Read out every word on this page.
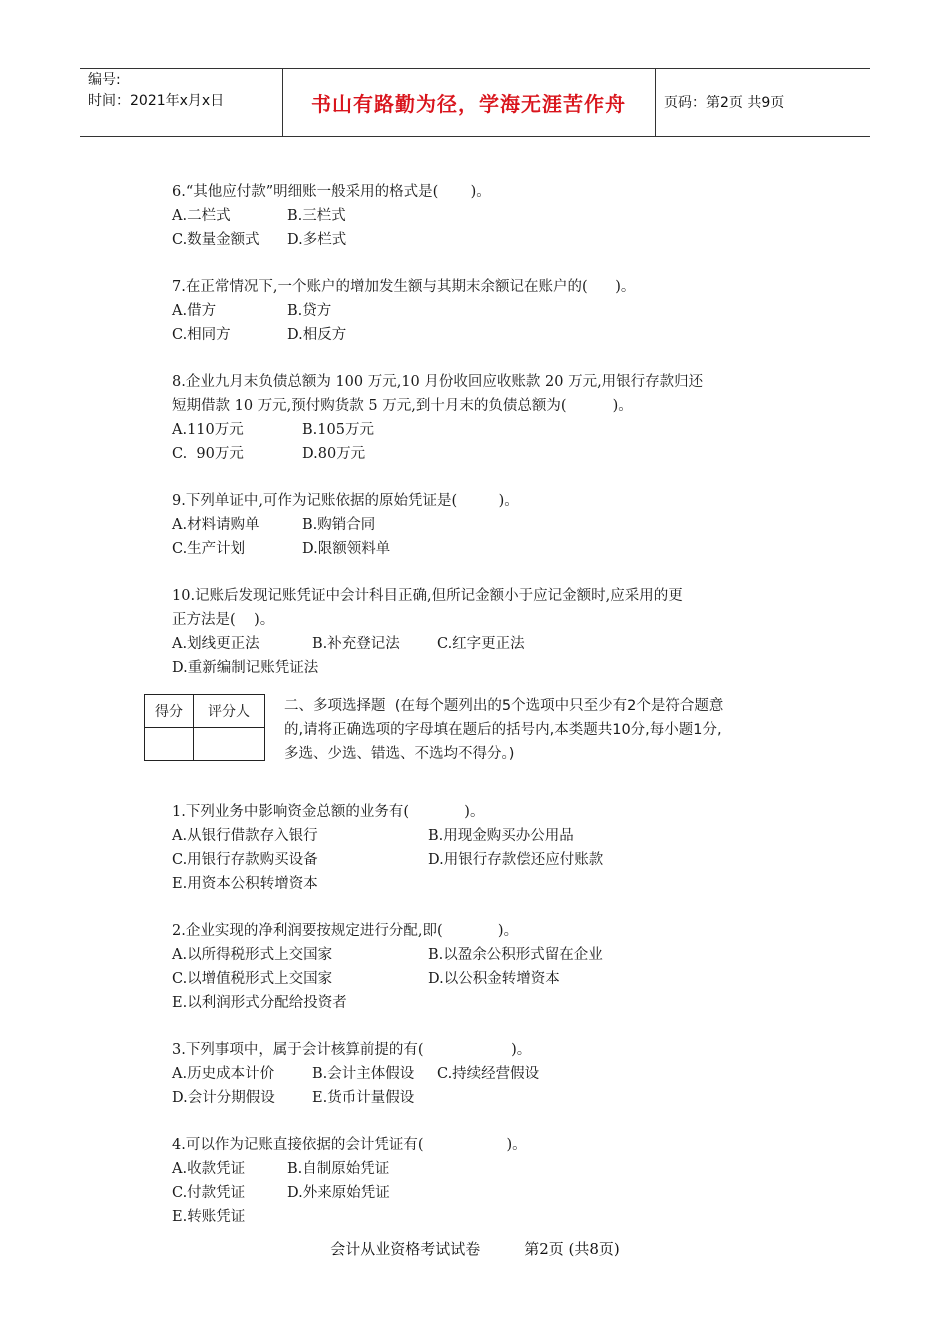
编号:
时间：2021年x月x日	书山有路勤为径，学海无涯苦作舟	页码：第2页 共9页
6.“其他应付款”明细账一般采用的格式是(       )。
A.二栏式	B.三栏式
C.数量金额式	D.多栏式
7.在正常情况下,一个账户的增加发生额与其期末余额记在账户的(      )。
A.借方	B.贷方
C.相同方	D.相反方
8.企业九月末负债总额为 100 万元,10 月份收回应收账款 20 万元,用银行存款归还
短期借款 10 万元,预付购货款 5 万元,到十月末的负债总额为(          )。
A.110万元	B.105万元
C.  90万元	D.80万元
9.下列单证中,可作为记账依据的原始凭证是(         )。
A.材料请购单	B.购销合同
C.生产计划	D.限额领料单
10.记账后发现记账凭证中会计科目正确,但所记金额小于应记金额时,应采用的更
正方法是(    )。
A.划线更正法	B.补充登记法	C.红字更正法
D.重新编制记账凭证法
得分	评分人
	二、多项选择题  (在每个题列出的5个选项中只至少有2个是符合题意
的,请将正确选项的字母填在题后的括号内,本类题共10分,每小题1分,
多选、少选、错选、不选均不得分。)
1.下列业务中影响资金总额的业务有(            )。
A.从银行借款存入银行	B.用现金购买办公用品
C.用银行存款购买设备	D.用银行存款偿还应付账款
E.用资本公积转增资本
2.企业实现的净利润要按规定进行分配,即(            )。
A.以所得税形式上交国家	B.以盈余公积形式留在企业
C.以增值税形式上交国家	D.以公积金转增资本
E.以利润形式分配给投资者
3.下列事项中，属于会计核算前提的有(                   )。
A.历史成本计价	B.会计主体假设	C.持续经营假设
D.会计分期假设	E.货币计量假设
4.可以作为记账直接依据的会计凭证有(                  )。
A.收款凭证	B.自制原始凭证
C.付款凭证	D.外来原始凭证
E.转账凭证
会计从业资格考试试卷	第2页 (共8页)
